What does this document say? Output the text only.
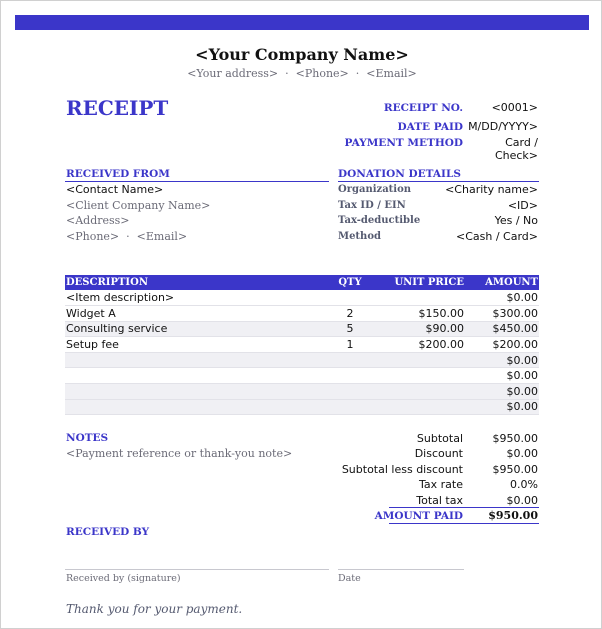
<Your Company Name>
<Your address> · <Phone> · <Email>
RECEIPT	RECEIPT NO.	<0001>
DATE PAID M/DD/YYYY>
PAYMENT METHOD	Card / Check>
RECEIVED FROM
<Contact Name>
<Client Company Name>
<Address>
<Phone> · <Email>
DONATION DETAILS
Organization	<Charity name>
Tax ID / EIN	<ID>
Tax-deductible	Yes / No
Method	<Cash / Card>
DESCRIPTION	QTY	UNIT PRICE	AMOUNT
<Item description>			$0.00
Widget A	2	$150.00	$300.00
Consulting service	5	$90.00	$450.00
Setup fee	1	$200.00	$200.00
			$0.00
			$0.00
			$0.00
			$0.00
NOTES
<Payment reference or thank-you note>
Subtotal	$950.00
Discount	$0.00
Subtotal less discount	$950.00
Tax rate	0.0%
Total tax	$0.00
AMOUNT PAID	$950.00
RECEIVED BY
Received by (signature)	Date
Thank you for your payment.
